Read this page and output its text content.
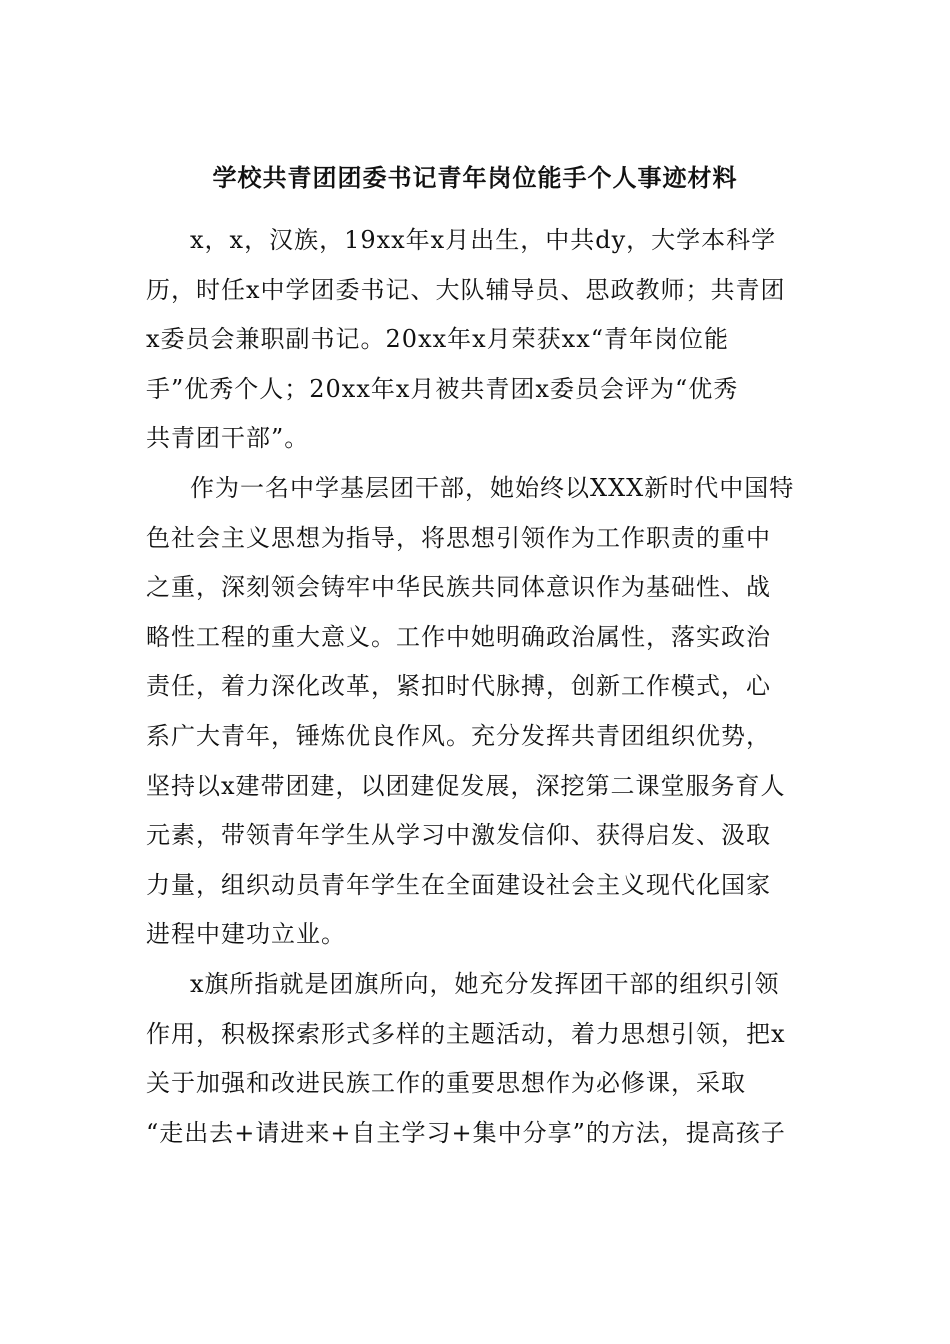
学校共青团团委书记青年岗位能手个人事迹材料
x，x，汉族，19xx年x月出生，中共dy，大学本科学
历，时任x中学团委书记、大队辅导员、思政教师；共青团
x委员会兼职副书记。20xx年x月荣获xx“青年岗位能
手”优秀个人；20xx年x月被共青团x委员会评为“优秀
共青团干部”。
作为一名中学基层团干部，她始终以XXX新时代中国特
色社会主义思想为指导，将思想引领作为工作职责的重中
之重，深刻领会铸牢中华民族共同体意识作为基础性、战
略性工程的重大意义。工作中她明确政治属性，落实政治
责任，着力深化改革，紧扣时代脉搏，创新工作模式，心
系广大青年，锤炼优良作风。充分发挥共青团组织优势，
坚持以x建带团建，以团建促发展，深挖第二课堂服务育人
元素，带领青年学生从学习中激发信仰、获得启发、汲取
力量，组织动员青年学生在全面建设社会主义现代化国家
进程中建功立业。
x旗所指就是团旗所向，她充分发挥团干部的组织引领
作用，积极探索形式多样的主题活动，着力思想引领，把x
关于加强和改进民族工作的重要思想作为必修课，采取
“走出去+请进来+自主学习+集中分享”的方法，提高孩子
